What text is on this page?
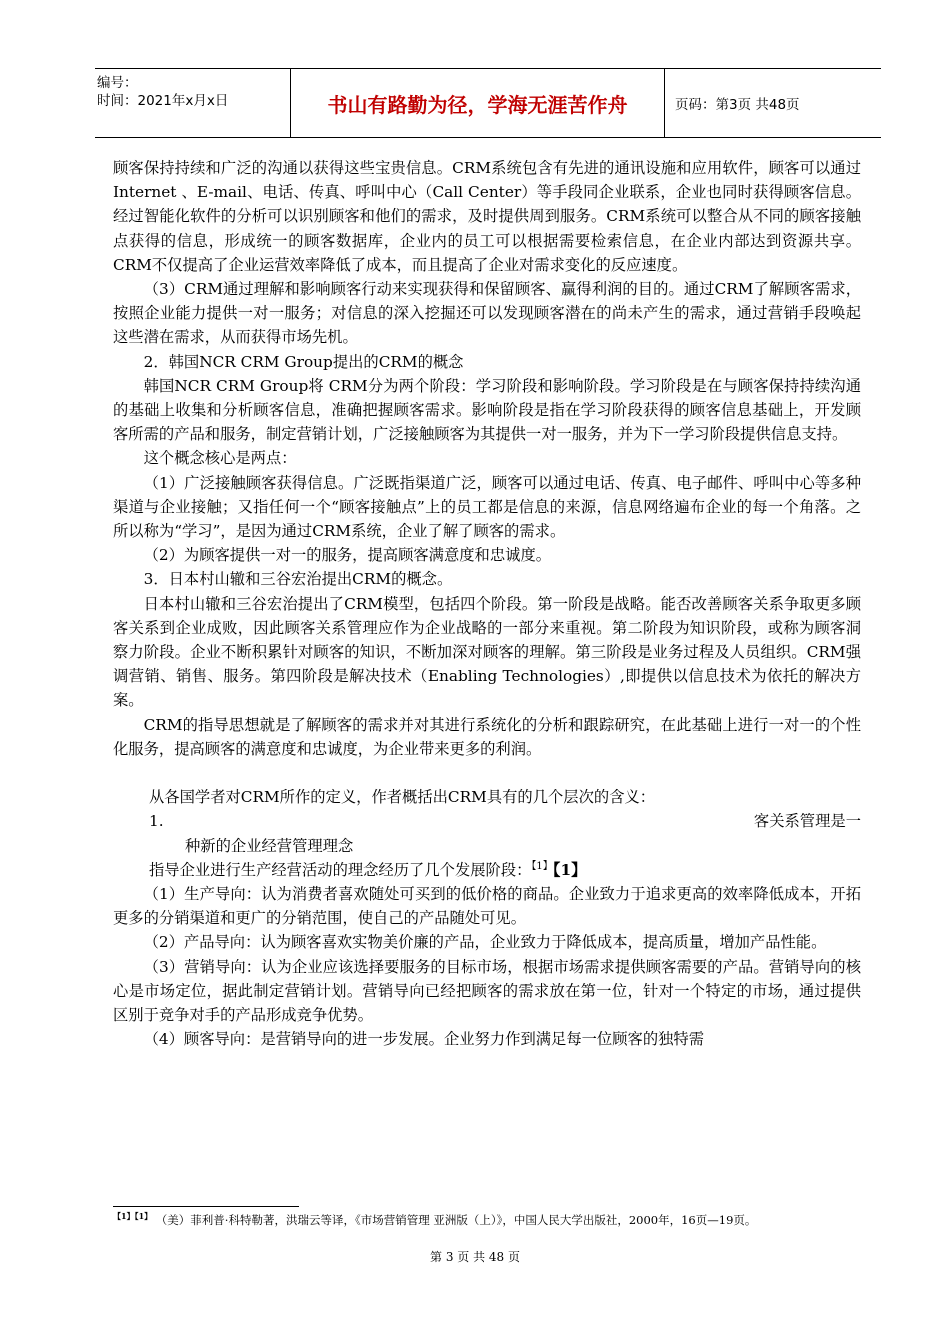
编号：
时间：2021年x月x日	书山有路勤为径，学海无涯苦作舟	页码：第3页 共48页

顾客保持持续和广泛的沟通以获得这些宝贵信息。CRM系统包含有先进的通讯设施和应用软件，顾客可以通过Internet 、E-mail、电话、传真、呼叫中心（Call Center）等手段同企业联系，企业也同时获得顾客信息。经过智能化软件的分析可以识别顾客和他们的需求，及时提供周到服务。CRM系统可以整合从不同的顾客接触点获得的信息，形成统一的顾客数据库，企业内的员工可以根据需要检索信息，在企业内部达到资源共享。CRM不仅提高了企业运营效率降低了成本，而且提高了企业对需求变化的反应速度。

（3）CRM通过理解和影响顾客行动来实现获得和保留顾客、赢得利润的目的。通过CRM了解顾客需求，按照企业能力提供一对一服务；对信息的深入挖掘还可以发现顾客潜在的尚未产生的需求，通过营销手段唤起这些潜在需求，从而获得市场先机。

2．韩国NCR CRM Group提出的CRM的概念

韩国NCR CRM Group将 CRM分为两个阶段：学习阶段和影响阶段。学习阶段是在与顾客保持持续沟通的基础上收集和分析顾客信息，准确把握顾客需求。影响阶段是指在学习阶段获得的顾客信息基础上，开发顾客所需的产品和服务，制定营销计划，广泛接触顾客为其提供一对一服务，并为下一学习阶段提供信息支持。

这个概念核心是两点：

（1）广泛接触顾客获得信息。广泛既指渠道广泛，顾客可以通过电话、传真、电子邮件、呼叫中心等多种渠道与企业接触；又指任何一个“顾客接触点”上的员工都是信息的来源，信息网络遍布企业的每一个角落。之所以称为“学习”，是因为通过CRM系统，企业了解了顾客的需求。

（2）为顾客提供一对一的服务，提高顾客满意度和忠诚度。

3．日本村山辙和三谷宏治提出CRM的概念。

日本村山辙和三谷宏治提出了CRM模型，包括四个阶段。第一阶段是战略。能否改善顾客关系争取更多顾客关系到企业成败，因此顾客关系管理应作为企业战略的一部分来重视。第二阶段为知识阶段，或称为顾客洞察力阶段。企业不断积累针对顾客的知识，不断加深对顾客的理解。第三阶段是业务过程及人员组织。CRM强调营销、销售、服务。第四阶段是解决技术（Enabling Technologies）,即提供以信息技术为依托的解决方案。

CRM的指导思想就是了解顾客的需求并对其进行系统化的分析和跟踪研究，在此基础上进行一对一的个性化服务，提高顾客的满意度和忠诚度，为企业带来更多的利润。

从各国学者对CRM所作的定义，作者概括出CRM具有的几个层次的含义：

1.	客关系管理是一

种新的企业经营管理理念

指导企业进行生产经营活动的理念经历了几个发展阶段：$^{【1】}$【1】

（1）生产导向：认为消费者喜欢随处可买到的低价格的商品。企业致力于追求更高的效率降低成本，开拓更多的分销渠道和更广的分销范围，使自己的产品随处可见。

（2）产品导向：认为顾客喜欢实物美价廉的产品，企业致力于降低成本，提高质量，增加产品性能。

（3）营销导向：认为企业应该选择要服务的目标市场，根据市场需求提供顾客需要的产品。营销导向的核心是市场定位，据此制定营销计划。营销导向已经把顾客的需求放在第一位，针对一个特定的市场，通过提供区别于竞争对手的产品形成竞争优势。

（4）顾客导向：是营销导向的进一步发展。企业努力作到满足每一位顾客的独特需

$^{【1】【1】}$ （美）菲利普·科特勒著，洪瑞云等译，《市场营销管理 亚洲版（上）》，中国人民大学出版社，2000年，16页—19页。
第 3 页 共 48 页
